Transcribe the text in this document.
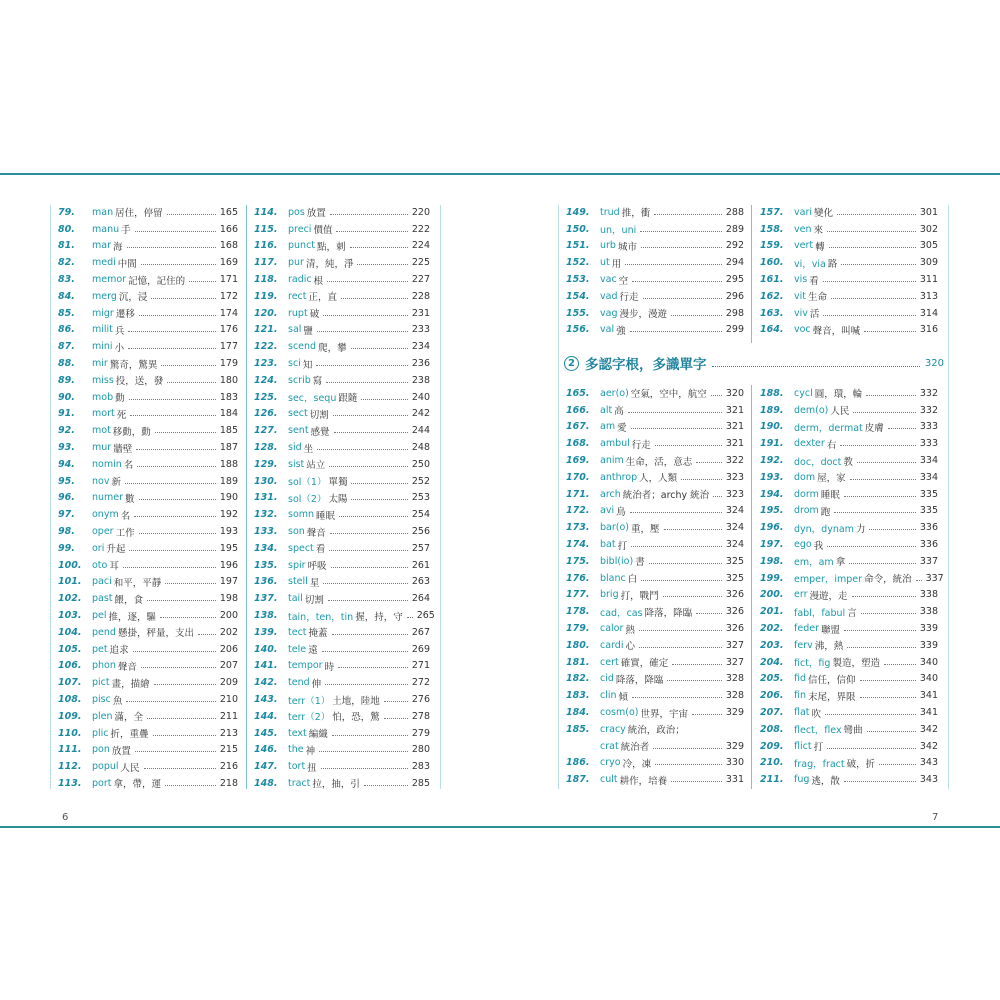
79.	man 居住，停留	165
80.	manu 手	166
81.	mar 海	168
82.	medi 中間	169
83.	memor 記憶，記住的	171
84.	merg 沉，浸	172
85.	migr 遷移	174
86.	milit 兵	176
87.	mini 小	177
88.	mir 驚奇，驚異	179
89.	miss 投，送，發	180
90.	mob 動	183
91.	mort 死	184
92.	mot 移動，動	185
93.	mur 牆壁	187
94.	nomin 名	188
95.	nov 新	189
96.	numer 數	190
97.	onym 名	192
98.	oper 工作	193
99.	ori 升起	195
100.	oto 耳	196
101.	paci 和平，平靜	197
102.	past 餵，食	198
103.	pel 推，逐，驅	200
104.	pend 懸掛，秤量，支出	202
105.	pet 追求	206
106.	phon 聲音	207
107.	pict 畫，描繪	209
108.	pisc 魚	210
109.	plen 滿，全	211
110.	plic 折，重疊	213
111.	pon 放置	215
112.	popul 人民	216
113.	port 拿，帶，運	218
114.	pos 放置	220
115.	preci 價值	222
116.	punct 點，刺	224
117.	pur 清，純，淨	225
118.	radic 根	227
119.	rect 正，直	228
120.	rupt 破	231
121.	sal 鹽	233
122.	scend 爬，攀	234
123.	sci 知	236
124.	scrib 寫	238
125.	sec，sequ 跟隨	240
126.	sect 切割	242
127.	sent 感覺	244
128.	sid 坐	248
129.	sist 站立	250
130.	sol（1） 單獨	252
131.	sol（2） 太陽	253
132.	somn 睡眠	254
133.	son 聲音	256
134.	spect 看	257
135.	spir 呼吸	261
136.	stell 星	263
137.	tail 切割	264
138.	tain，ten，tin 握，持，守 265
139.	tect 掩蓋	267
140.	tele 遠	269
141.	tempor 時	271
142.	tend 伸	272
143.	terr（1） 土地，陸地	276
144.	terr（2） 怕，恐，驚	278
145.	text 編織	279
146.	the 神	280
147.	tort 扭	283
148.	tract 拉，抽，引	285
6
149.	trud 推，衝	288
150.	un，uni	289
151.	urb 城市	292
152.	ut 用	294
153.	vac 空	295
154.	vad 行走	296
155.	vag 漫步，漫遊	298
156.	val 強	299
157.	vari 變化	301
158.	ven 來	302
159.	vert 轉	305
160.	vi，via 路	309
161.	vis 看	311
162.	vit 生命	313
163.	viv 活	314
164.	voc 聲音，叫喊	316
2 多認字根，多識單字	320
165.	aer(o) 空氣，空中，航空 320
166.	alt 高	321
167.	am 愛	321
168.	ambul 行走	321
169.	anim 生命，活，意志	322
170.	anthrop 人，人類	323
171.	arch 統治者；archy 統治 323
172.	avi 鳥	324
173.	bar(o) 重，壓	324
174.	bat 打	324
175.	bibl(io) 書	325
176.	blanc 白	325
177.	brig 打，戰鬥	326
178.	cad，cas 降落，降臨	326
179.	calor 熱	326
180.	cardi 心	327
181.	cert 確實，確定	327
182.	cid 降落，降臨	328
183.	clin 傾	328
184.	cosm(o) 世界，宇宙	329
185.	cracy 統治，政治；
crat 統治者	329
186.	cryo 冷，凍	330
187.	cult 耕作，培養	331
188.	cycl 圓，環，輪	332
189.	dem(o) 人民	332
190.	derm，dermat 皮膚	333
191.	dexter 右	333
192.	doc，doct 教	334
193.	dom 屋，家	334
194.	dorm 睡眠	335
195.	drom 跑	335
196.	dyn，dynam 力	336
197.	ego 我	336
198.	em，am 拿	337
199.	emper，imper 命令，統治 337
200.	err 漫遊，走	338
201.	fabl，fabul 言	338
202.	feder 聯盟	339
203.	ferv 沸，熱	339
204.	fict，fig 製造，塑造	340
205.	fid 信任，信仰	340
206.	fin 末尾，界限	341
207.	flat 吹	341
208.	flect，flex 彎曲	342
209.	flict 打	342
210.	frag，fract 破，折	343
211.	fug 逃，散	343
7
